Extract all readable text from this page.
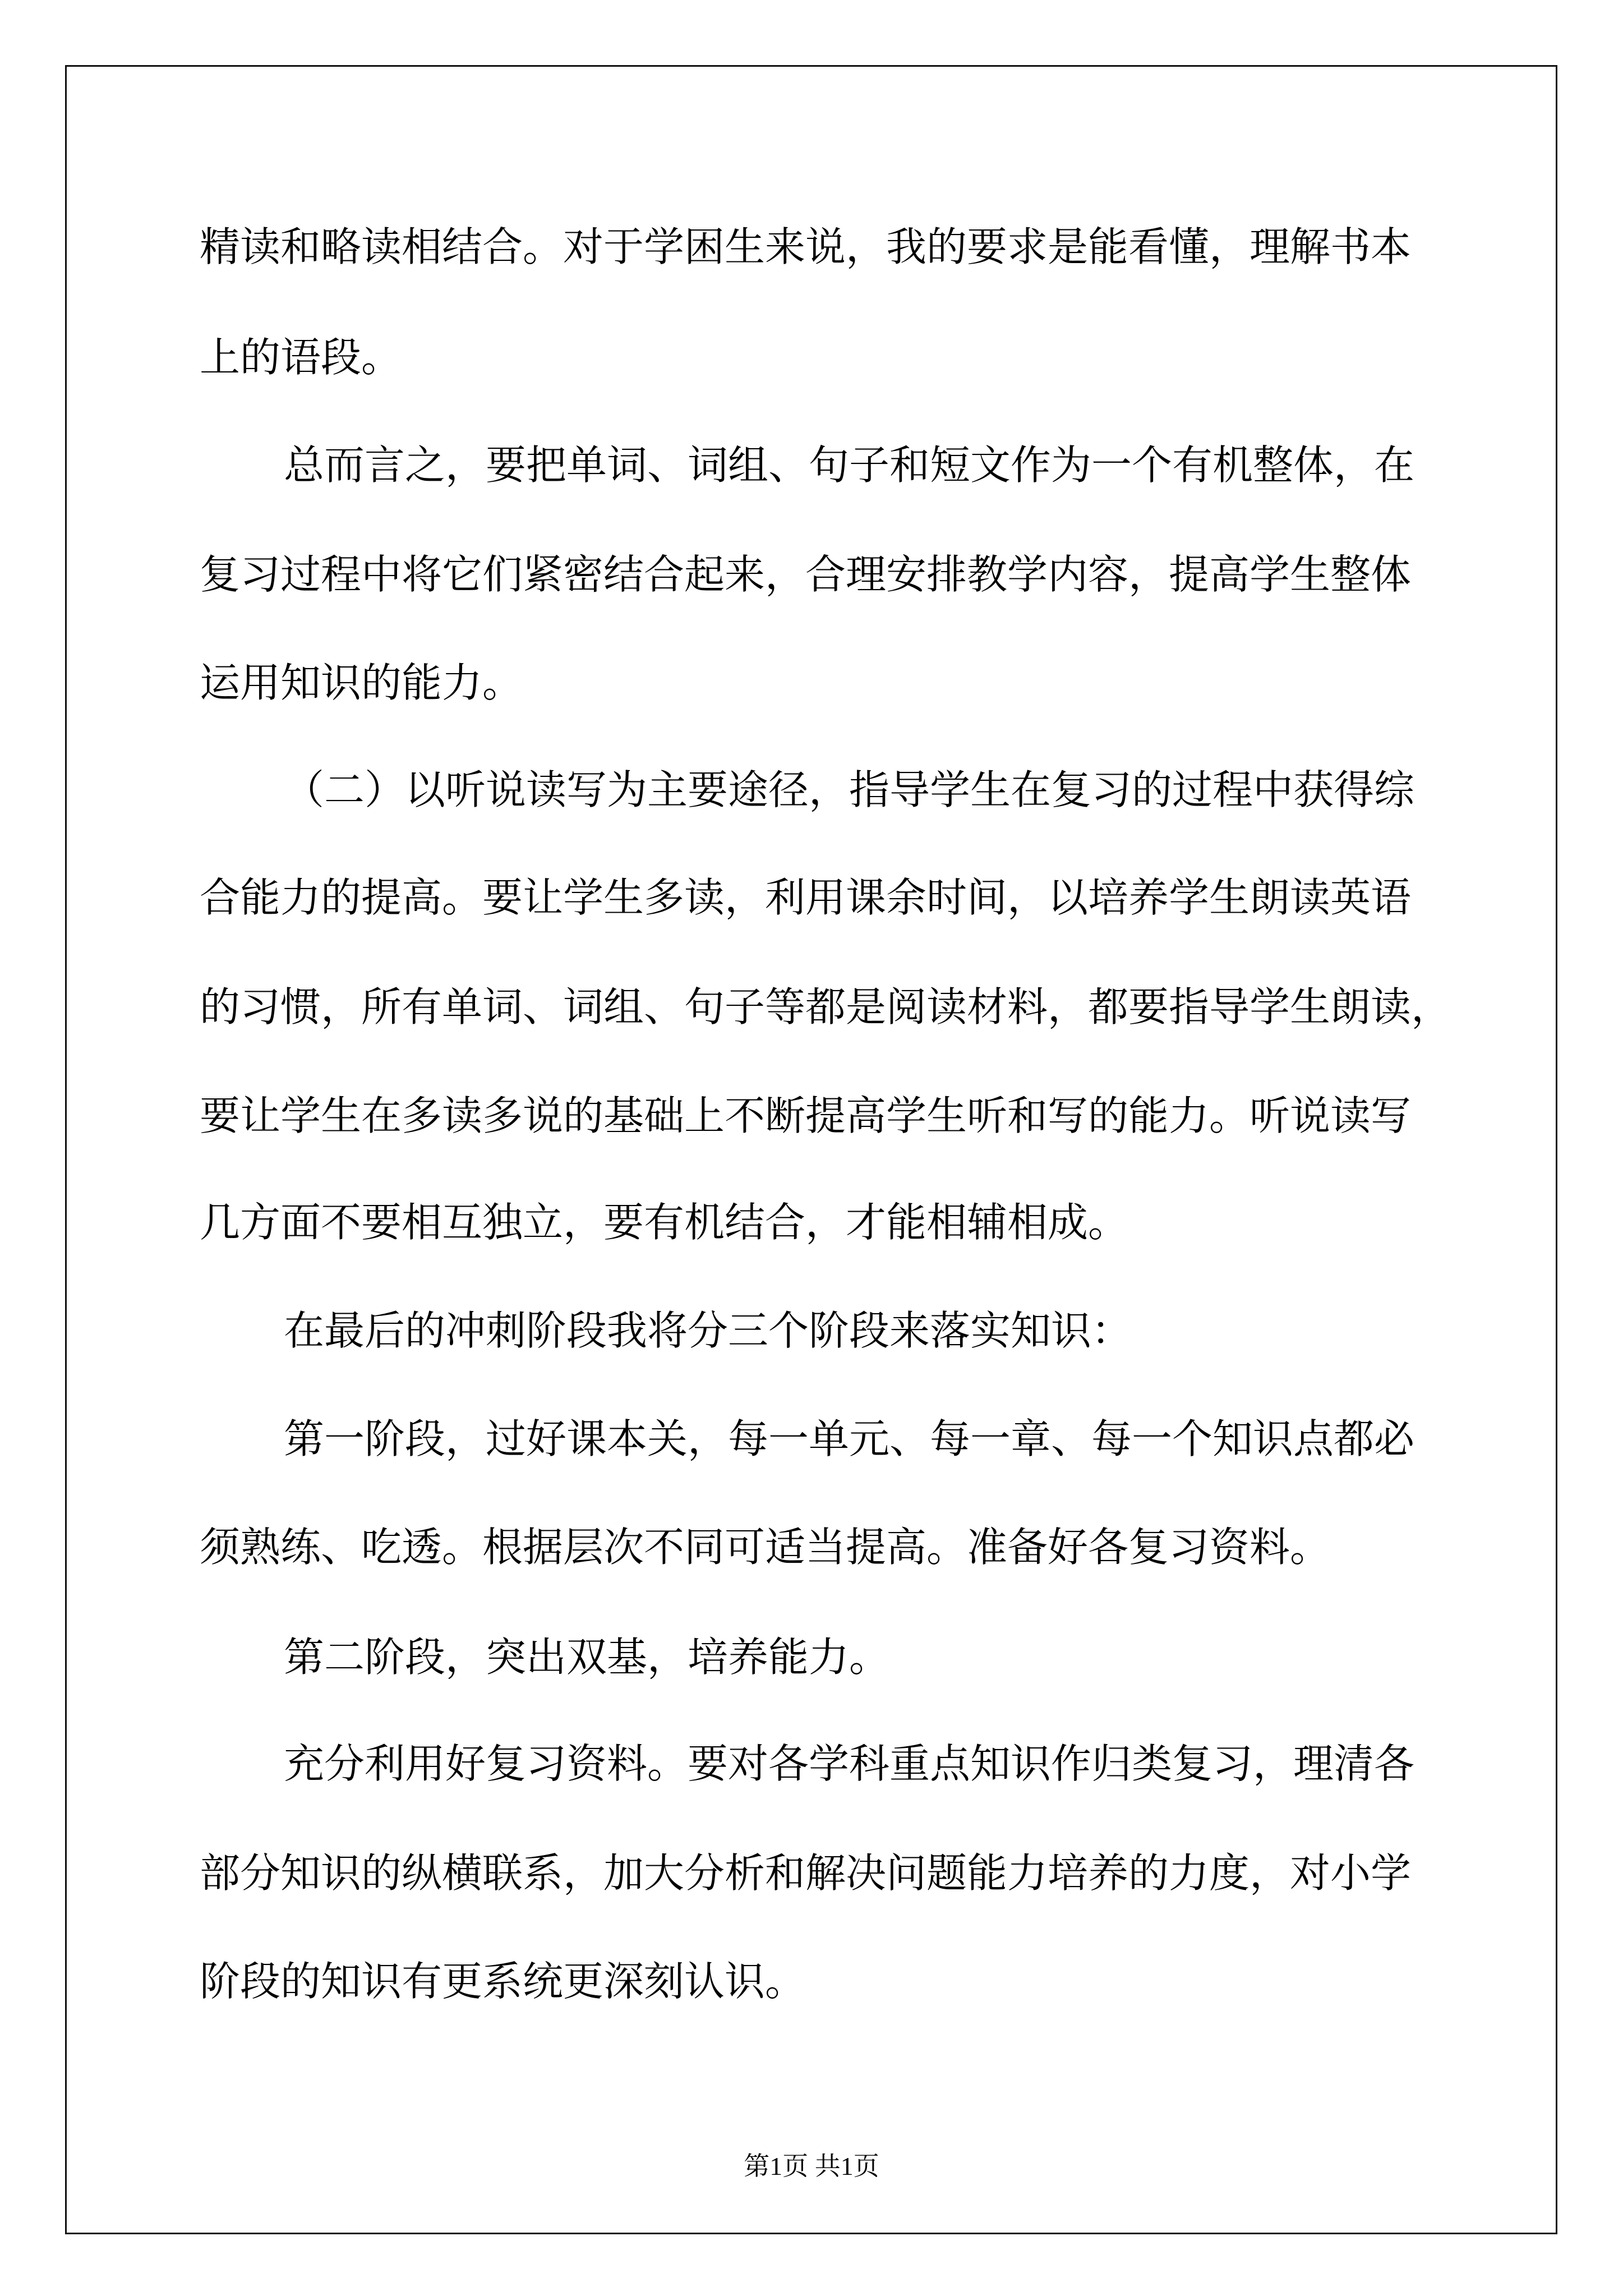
精读和略读相结合。对于学困生来说，我的要求是能看懂，理解书本
上的语段。
总而言之，要把单词、词组、句子和短文作为一个有机整体，在
复习过程中将它们紧密结合起来，合理安排教学内容，提高学生整体
运用知识的能力。
（二）以听说读写为主要途径，指导学生在复习的过程中获得综
合能力的提高。要让学生多读，利用课余时间，以培养学生朗读英语
的习惯，所有单词、词组、句子等都是阅读材料，都要指导学生朗读，
要让学生在多读多说的基础上不断提高学生听和写的能力。听说读写
几方面不要相互独立，要有机结合，才能相辅相成。
在最后的冲刺阶段我将分三个阶段来落实知识：
第一阶段，过好课本关，每一单元、每一章、每一个知识点都必
须熟练、吃透。根据层次不同可适当提高。准备好各复习资料。
第二阶段，突出双基，培养能力。
充分利用好复习资料。要对各学科重点知识作归类复习，理清各
部分知识的纵横联系，加大分析和解决问题能力培养的力度，对小学
阶段的知识有更系统更深刻认识。
第1页 共1页
